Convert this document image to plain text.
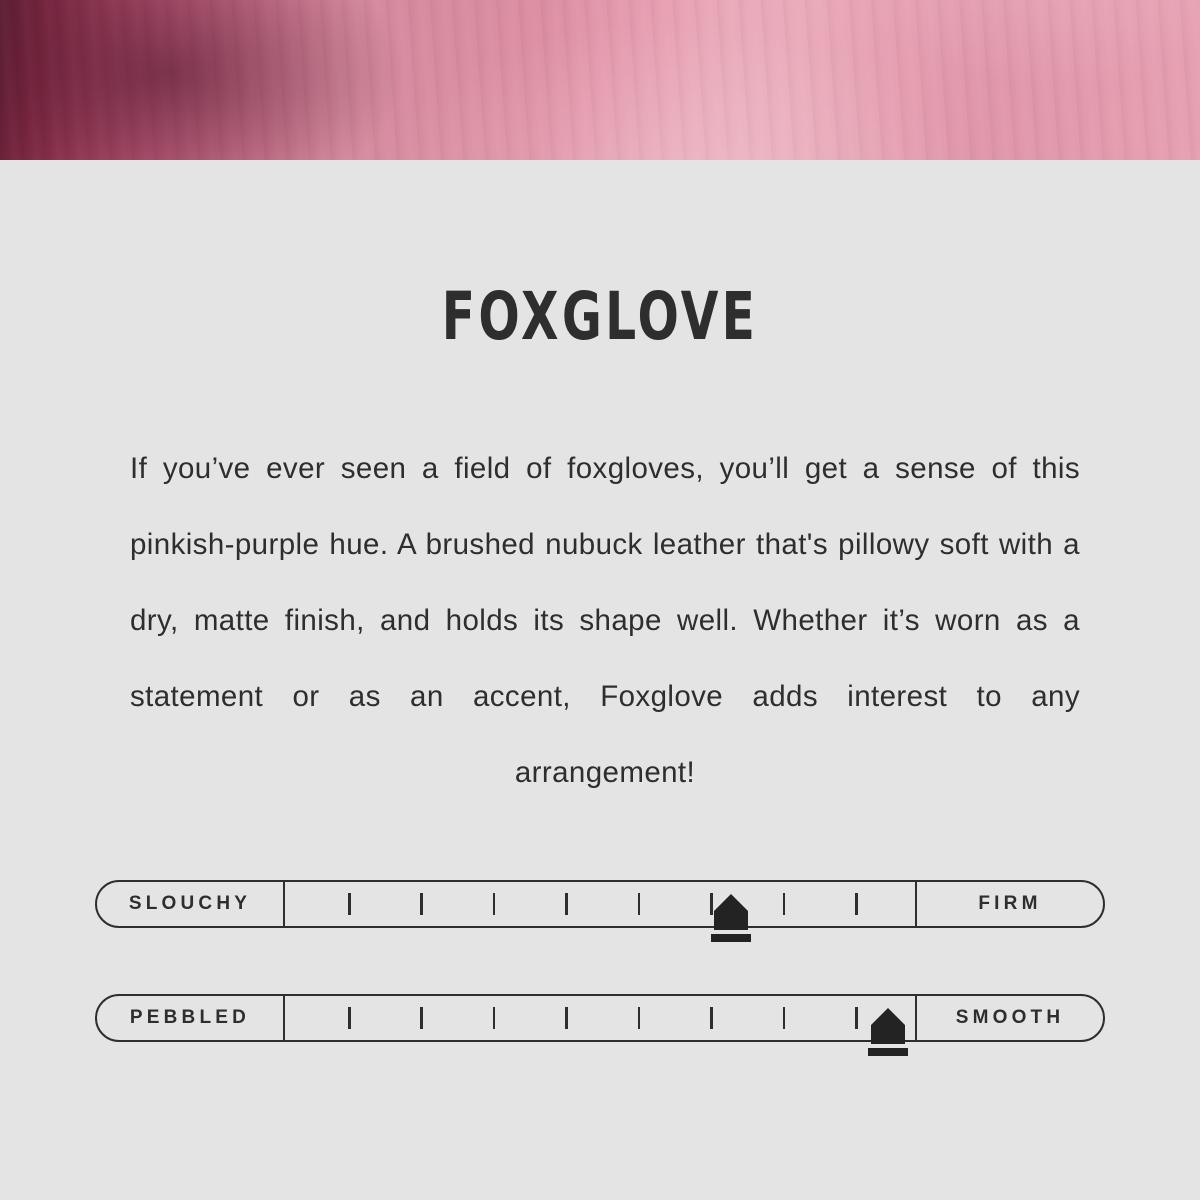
FOXGLOVE

If you’ve ever seen a field of foxgloves, you’ll get a sense of this pinkish-purple hue. A brushed nubuck leather that's pillowy soft with a dry, matte finish, and holds its shape well. Whether it’s worn as a statement or as an accent, Foxglove adds interest to any arrangement!

SLOUCHY	FIRM
PEBBLED	SMOOTH
